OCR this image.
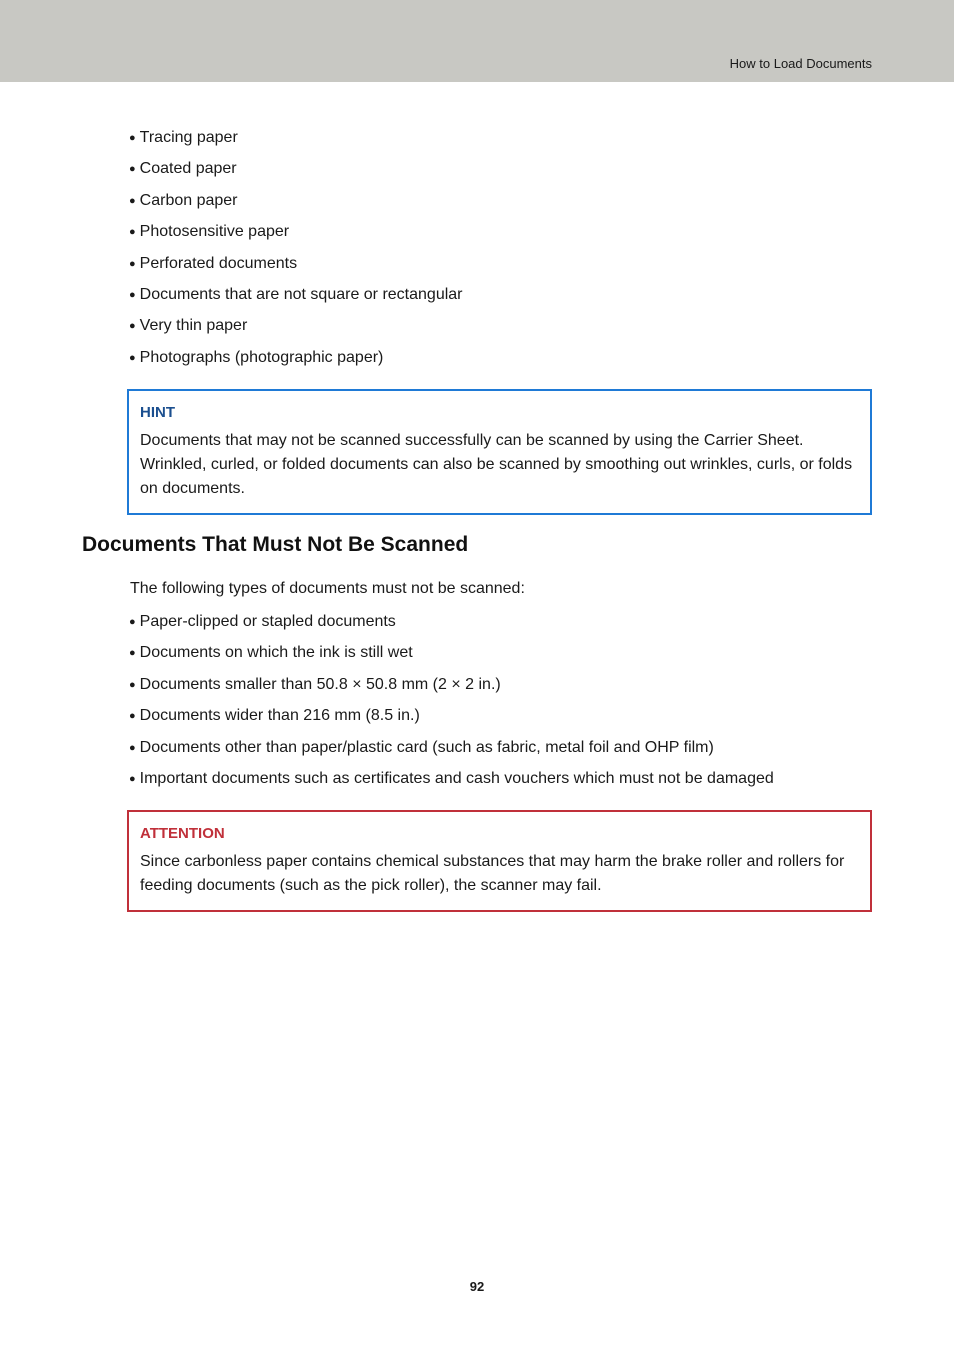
How to Load Documents
● Tracing paper
● Coated paper
● Carbon paper
● Photosensitive paper
● Perforated documents
● Documents that are not square or rectangular
● Very thin paper
● Photographs (photographic paper)
HINT
Documents that may not be scanned successfully can be scanned by using the Carrier Sheet. Wrinkled, curled, or folded documents can also be scanned by smoothing out wrinkles, curls, or folds on documents.
Documents That Must Not Be Scanned
The following types of documents must not be scanned:
● Paper-clipped or stapled documents
● Documents on which the ink is still wet
● Documents smaller than 50.8 × 50.8 mm (2 × 2 in.)
● Documents wider than 216 mm (8.5 in.)
● Documents other than paper/plastic card (such as fabric, metal foil and OHP film)
● Important documents such as certificates and cash vouchers which must not be damaged
ATTENTION
Since carbonless paper contains chemical substances that may harm the brake roller and rollers for feeding documents (such as the pick roller), the scanner may fail.
92
